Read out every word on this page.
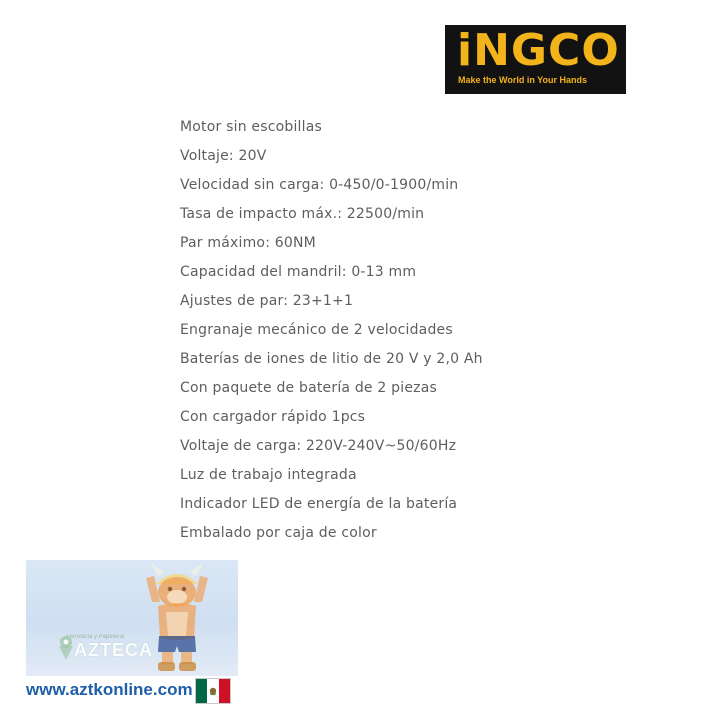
iNGCO
Make the World in Your Hands
Motor sin escobillas
Voltaje: 20V
Velocidad sin carga: 0-450/0-1900/min
Tasa de impacto máx.: 22500/min
Par máximo: 60NM
Capacidad del mandril: 0-13 mm
Ajustes de par: 23+1+1
Engranaje mecánico de 2 velocidades
Baterías de iones de litio de 20 V y 2,0 Ah
Con paquete de batería de 2 piezas
Con cargador rápido 1pcs
Voltaje de carga: 220V-240V~50/60Hz
Luz de trabajo integrada
Indicador LED de energía de la batería
Embalado por caja de color
Ferretería y Papelería
AZTECA
www.aztkonline.com
